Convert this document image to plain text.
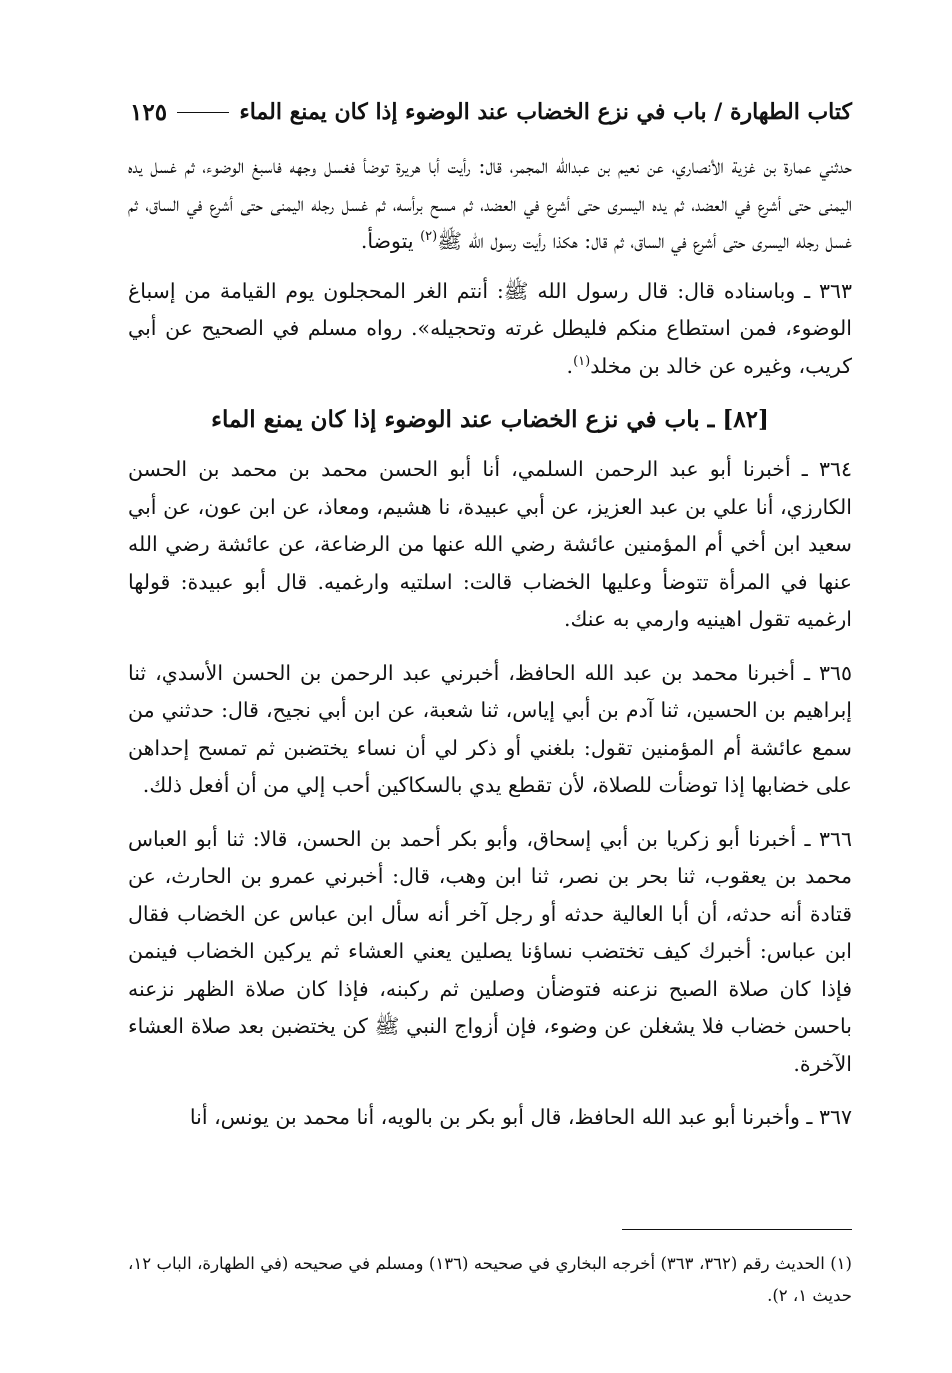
كتاب الطهارة / باب في نزع الخضاب عند الوضوء إذا كان يمنع الماء
١٢٥

حدثني عمارة بن غزية الأنصاري، عن نعيم بن عبدالله المجمر، قال: رأيت أبا هريرة توضأ فغسل وجهه فاسبغ الوضوء، ثم غسل يده اليمنى حتى أشرع في العضد، ثم يده اليسرى حتى أشرع في العضد، ثم مسح برأسه، ثم غسل رجله اليمنى حتى أشرع في الساق، ثم غسل رجله اليسرى حتى أشرع في الساق، ثم قال: هكذا رأيت رسول الله ﷺ$^{(٢)}$ يتوضأ.

٣٦٣ ـ وباسناده قال: قال رسول الله ﷺ: أنتم الغر المحجلون يوم القيامة من إسباغ الوضوء، فمن استطاع منكم فليطل غرته وتحجيله». رواه مسلم في الصحيح عن أبي كريب، وغيره عن خالد بن مخلد$^{(١)}$.

[٨٢] ـ باب في نزع الخضاب عند الوضوء إذا كان يمنع الماء

٣٦٤ ـ أخبرنا أبو عبد الرحمن السلمي، أنا أبو الحسن محمد بن محمد بن الحسن الكارزي، أنا علي بن عبد العزيز، عن أبي عبيدة، نا هشيم، ومعاذ، عن ابن عون، عن أبي سعيد ابن أخي أم المؤمنين عائشة رضي الله عنها من الرضاعة، عن عائشة رضي الله عنها في المرأة تتوضأ وعليها الخضاب قالت: اسلتيه وارغميه. قال أبو عبيدة: قولها ارغميه تقول اهينيه وارمي به عنك.

٣٦٥ ـ أخبرنا محمد بن عبد الله الحافظ، أخبرني عبد الرحمن بن الحسن الأسدي، ثنا إبراهيم بن الحسين، ثنا آدم بن أبي إياس، ثنا شعبة، عن ابن أبي نجيح، قال: حدثني من سمع عائشة أم المؤمنين تقول: بلغني أو ذكر لي أن نساء يختضبن ثم تمسح إحداهن على خضابها إذا توضأت للصلاة، لأن تقطع يدي بالسكاكين أحب إلي من أن أفعل ذلك.

٣٦٦ ـ أخبرنا أبو زكريا بن أبي إسحاق، وأبو بكر أحمد بن الحسن، قالا: ثنا أبو العباس محمد بن يعقوب، ثنا بحر بن نصر، ثنا ابن وهب، قال: أخبرني عمرو بن الحارث، عن قتادة أنه حدثه، أن أبا العالية حدثه أو رجل آخر أنه سأل ابن عباس عن الخضاب فقال ابن عباس: أخبرك كيف تختضب نساؤنا يصلين يعني العشاء ثم يركين الخضاب فينمن فإذا كان صلاة الصبح نزعنه فتوضأن وصلين ثم ركبنه، فإذا كان صلاة الظهر نزعنه باحسن خضاب فلا يشغلن عن وضوء، فإن أزواج النبي ﷺ كن يختضبن بعد صلاة العشاء الآخرة.

٣٦٧ ـ وأخبرنا أبو عبد الله الحافظ، قال أبو بكر بن بالويه، أنا محمد بن يونس، أنا

(١) الحديث رقم (٣٦٢، ٣٦٣) أخرجه البخاري في صحيحه (١٣٦) ومسلم في صحيحه (في الطهارة، الباب ١٢، حديث ١، ٢).
